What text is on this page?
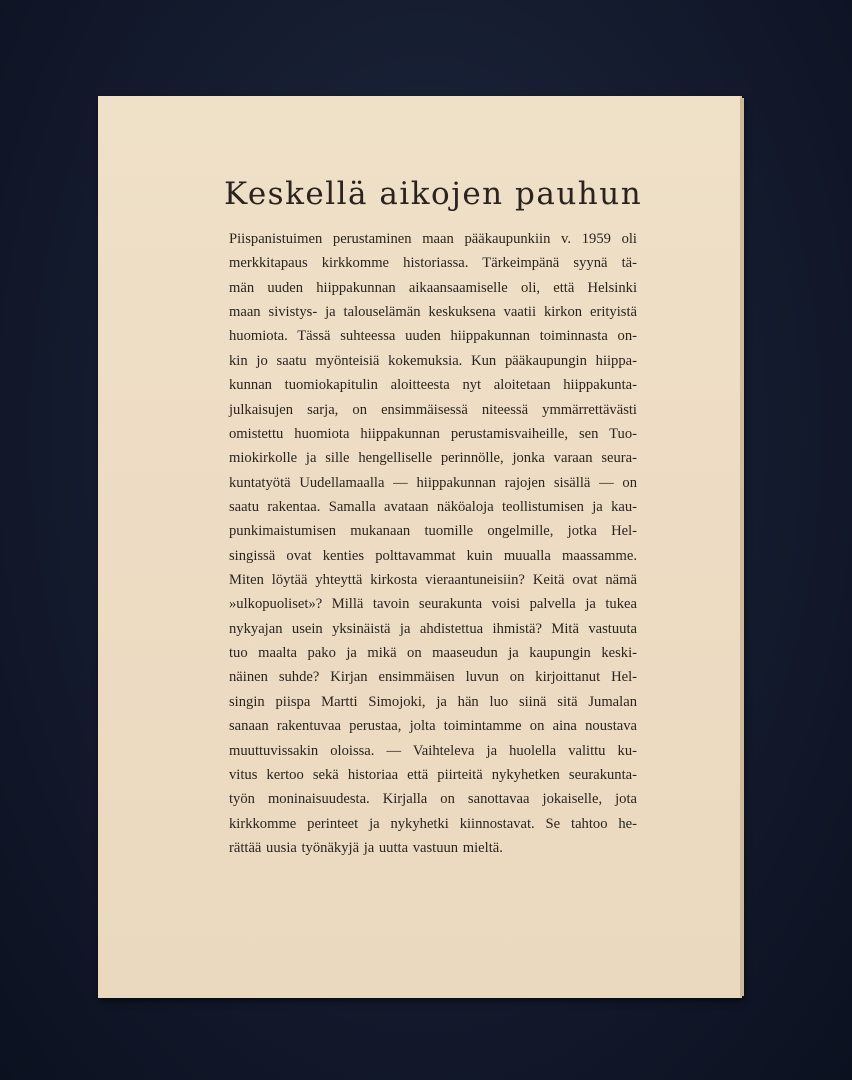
Keskellä aikojen pauhun
Piispanistuimen perustaminen maan pääkaupunkiin v. 1959 oli
merkkitapaus kirkkomme historiassa. Tärkeimpänä syynä tä-
män uuden hiippakunnan aikaansaamiselle oli, että Helsinki
maan sivistys- ja talouselämän keskuksena vaatii kirkon erityistä
huomiota. Tässä suhteessa uuden hiippakunnan toiminnasta on-
kin jo saatu myönteisiä kokemuksia. Kun pääkaupungin hiippa-
kunnan tuomiokapitulin aloitteesta nyt aloitetaan hiippakunta-
julkaisujen sarja, on ensimmäisessä niteessä ymmärrettävästi
omistettu huomiota hiippakunnan perustamisvaiheille, sen Tuo-
miokirkolle ja sille hengelliselle perinnölle, jonka varaan seura-
kuntatyötä Uudellamaalla — hiippakunnan rajojen sisällä — on
saatu rakentaa. Samalla avataan näköaloja teollistumisen ja kau-
punkimaistumisen mukanaan tuomille ongelmille, jotka Hel-
singissä ovat kenties polttavammat kuin muualla maassamme.
Miten löytää yhteyttä kirkosta vieraantuneisiin? Keitä ovat nämä
»ulkopuoliset»? Millä tavoin seurakunta voisi palvella ja tukea
nykyajan usein yksinäistä ja ahdistettua ihmistä? Mitä vastuuta
tuo maalta pako ja mikä on maaseudun ja kaupungin keski-
näinen suhde? Kirjan ensimmäisen luvun on kirjoittanut Hel-
singin piispa Martti Simojoki, ja hän luo siinä sitä Jumalan
sanaan rakentuvaa perustaa, jolta toimintamme on aina noustava
muuttuvissakin oloissa. — Vaihteleva ja huolella valittu ku-
vitus kertoo sekä historiaa että piirteitä nykyhetken seurakunta-
työn moninaisuudesta. Kirjalla on sanottavaa jokaiselle, jota
kirkkomme perinteet ja nykyhetki kiinnostavat. Se tahtoo he-
rättää uusia työnäkyjä ja uutta vastuun mieltä.
